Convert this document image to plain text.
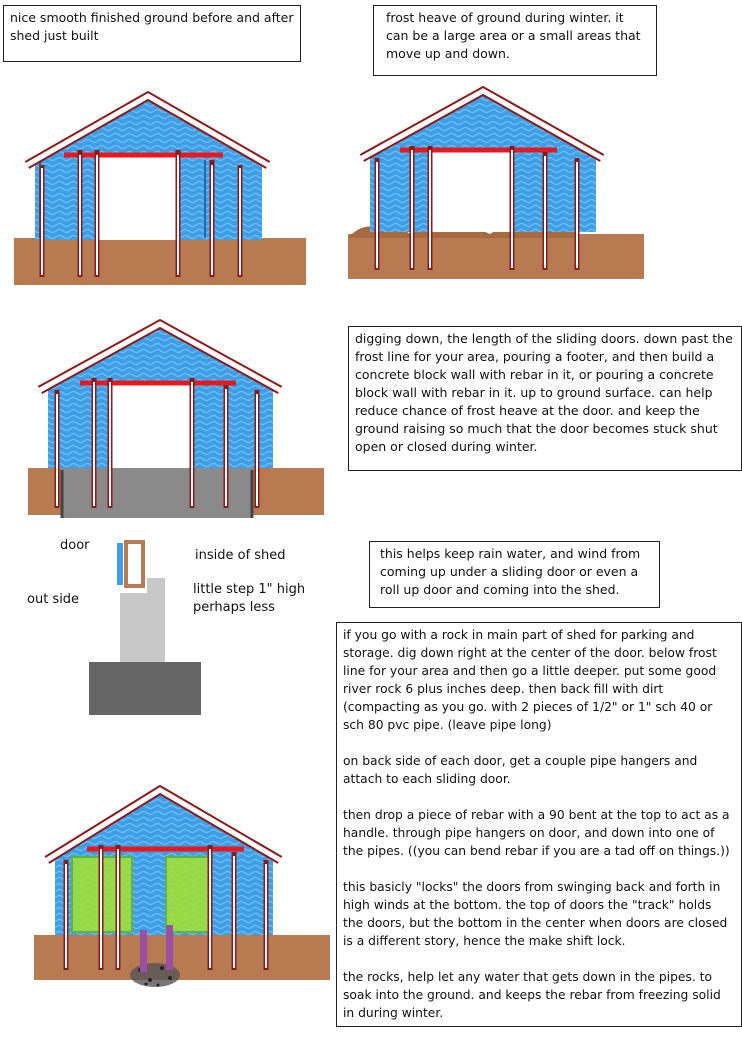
nice smooth finished ground before and after shed just built
frost heave of ground during winter. it can be a large area or a small areas that move up and down.
digging down, the length of the sliding doors. down past the frost line for your area, pouring a footer, and then build a concrete block wall with rebar in it, or pouring a concrete block wall with rebar in it. up to ground surface. can help reduce chance of frost heave at the door. and keep the ground raising so much that the door becomes stuck shut open or closed during winter.
this helps keep rain water, and wind from coming up under a sliding door or even a roll up door and coming into the shed.
if you go with a rock in main part of shed for parking and storage. dig down right at the center of the door. below frost line for your area and then go a little deeper. put some good river rock 6 plus inches deep. then back fill with dirt (compacting as you go. with 2 pieces of 1/2" or 1" sch 40 or sch 80 pvc pipe. (leave pipe long)

on back side of each door, get a couple pipe hangers and attach to each sliding door.

then drop a piece of rebar with a 90 bent at the top to act as a handle. through pipe hangers on door, and down into one of the pipes. ((you can bend rebar if you are a tad off on things.))

this basicly "locks" the doors from swinging back and forth in high winds at the bottom. the top of doors the "track" holds the doors, but the bottom in the center when doors are closed is a different story, hence the make shift lock.

the rocks, help let any water that gets down in the pipes. to soak into the ground. and keeps the rebar from freezing solid in during winter.
door
inside of shed
little step 1" high
perhaps less
out side
